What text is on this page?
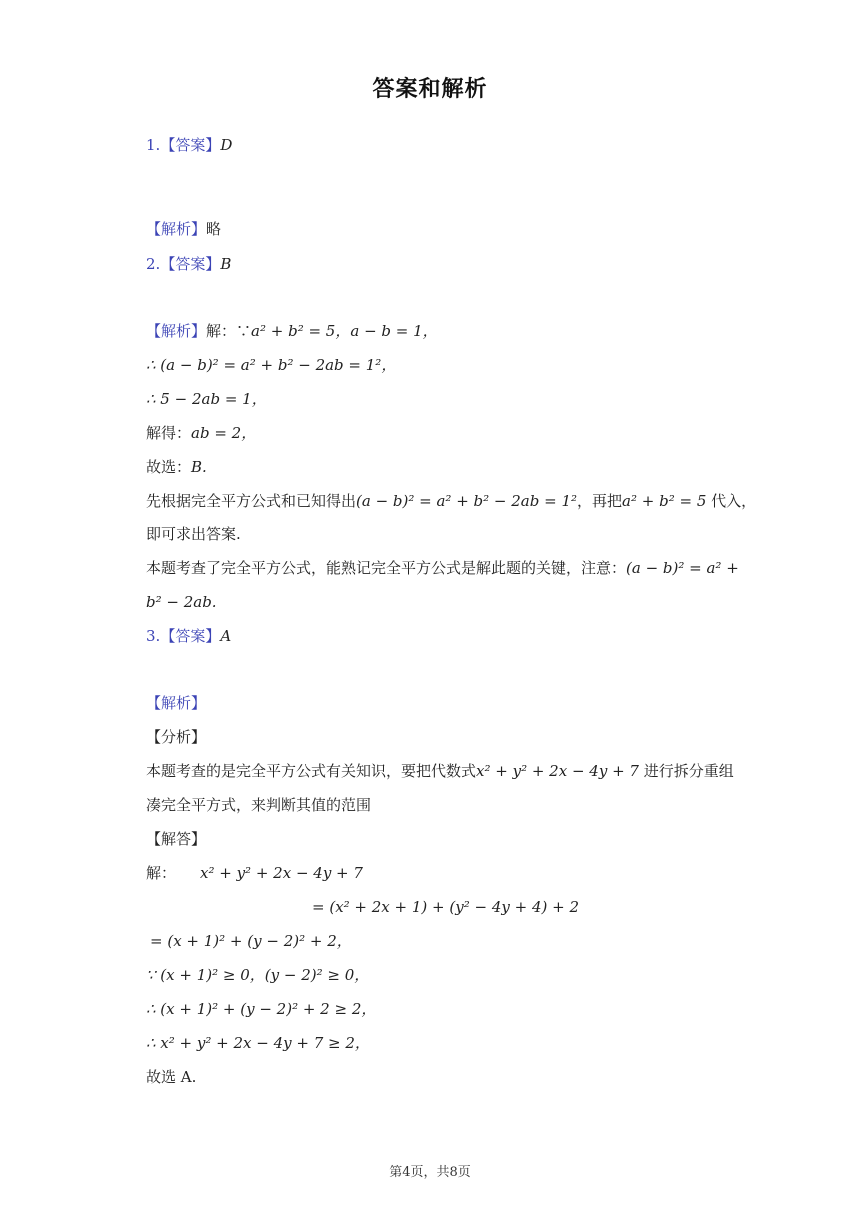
答案和解析
1.【答案】D
【解析】略
2.【答案】B
【解析】解：∵a² + b² = 5，a − b = 1，
∴ (a − b)² = a² + b² − 2ab = 1²，
∴ 5 − 2ab = 1，
解得：ab = 2，
故选：B.
先根据完全平方公式和已知得出(a − b)² = a² + b² − 2ab = 1²，再把a² + b² = 5 代入，
即可求出答案.
本题考查了完全平方公式，能熟记完全平方公式是解此题的关键，注意：(a − b)² = a² +
b² − 2ab.
3.【答案】A
【解析】
【分析】
本题考查的是完全平方公式有关知识，要把代数式x² + y² + 2x − 4y + 7 进行拆分重组
凑完全平方式，来判断其值的范围
【解答】
解： x² + y² + 2x − 4y + 7
= (x² + 2x + 1) + (y² − 4y + 4) + 2
= (x + 1)² + (y − 2)² + 2，
∵ (x + 1)² ≥ 0，(y − 2)² ≥ 0，
∴ (x + 1)² + (y − 2)² + 2 ≥ 2，
∴ x² + y² + 2x − 4y + 7 ≥ 2，
故选 A.
第4页，共8页
